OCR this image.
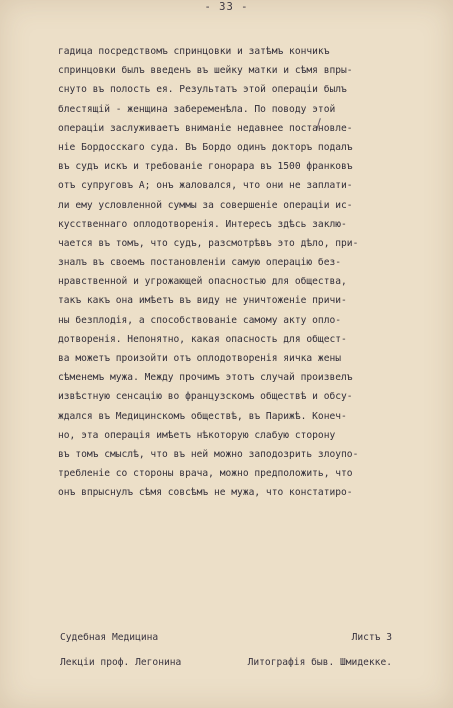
- 33 -
гадица посредствомъ спринцовки и затѣмъ кончикъ
спринцовки былъ введенъ въ шейку матки и сѣмя впры-
снуто въ полость ея. Результатъ этой операціи былъ
блестящій - женщина забеременѣла. По поводу этой
операціи заслуживаетъ вниманіе недавнее постановле-
ніе Бордосскаго суда. Въ Бордо одинъ докторъ подалъ
въ судъ искъ и требованіе гонорара въ 1500 франковъ
отъ супруговъ А; онъ жаловался, что они не заплати-
ли ему условленной суммы за совершеніе операціи ис-
кусственнаго оплодотворенія. Интересъ здѣсь заклю-
чается въ томъ, что судъ, разсмотрѣвъ это дѣло, при-
зналъ въ своемъ постановленіи самую операцію без-
нравственной и угрожающей опасностью для общества,
такъ какъ она имѣетъ въ виду не уничтоженіе причи-
ны безплодія, а способствованіе самому акту опло-
дотворенія. Непонятно, какая опасность для общест-
ва можетъ произойти отъ оплодотворенія яичка жены
сѣменемъ мужа. Между прочимъ этотъ случай произвелъ
извѣстную сенсацію во французскомъ обществѣ и обсу-
ждался въ Медицинскомъ обществѣ, въ Парижѣ. Конеч-
но, эта операція имѣетъ нѣкоторую слабую сторону
въ томъ смыслѣ, что въ ней можно заподозрить злоупо-
требленіе со стороны врача, можно предположить, что
онъ впрыснулъ сѣмя совсѣмъ не мужа, что констатиро-
Судебная Медицина	Листъ 3
Лекціи проф. Легонина	Литографія быв. Шмидекке.
